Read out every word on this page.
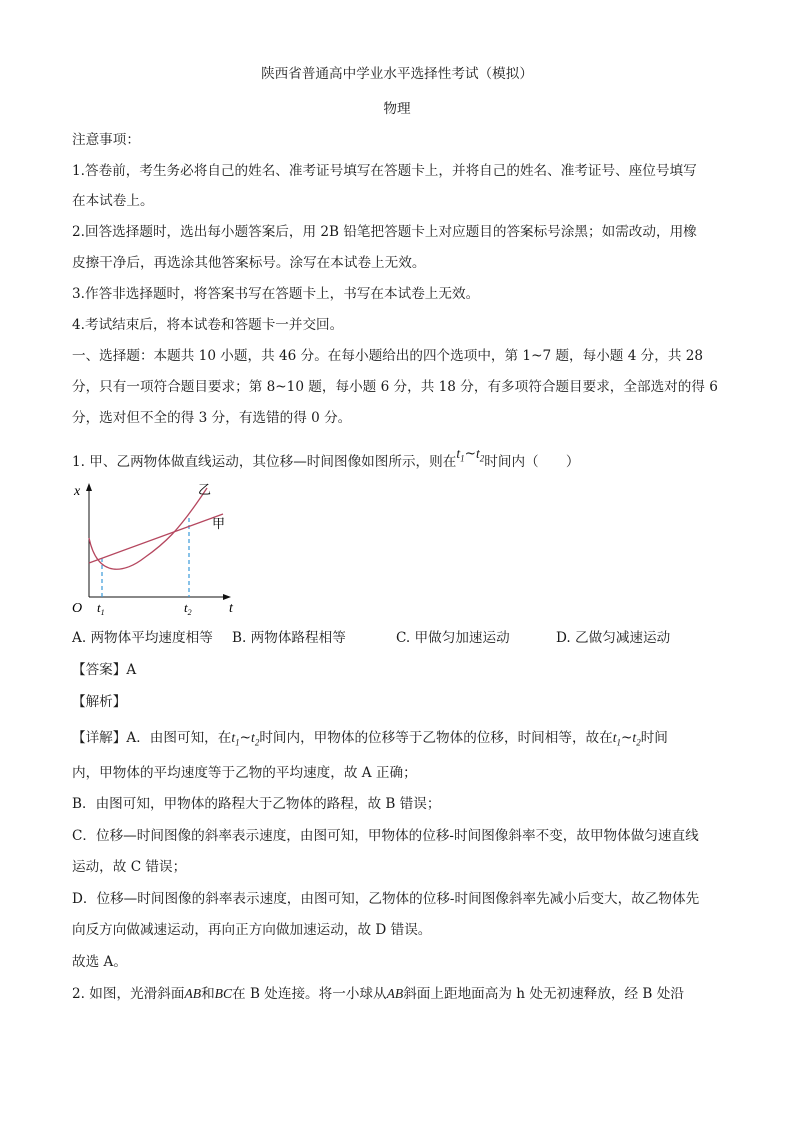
陕西省普通高中学业水平选择性考试（模拟）
物理
注意事项：
1.答卷前，考生务必将自己的姓名、准考证号填写在答题卡上，并将自己的姓名、准考证号、座位号填写
在本试卷上。
2.回答选择题时，选出每小题答案后，用 2B 铅笔把答题卡上对应题目的答案标号涂黑；如需改动，用橡
皮擦干净后，再选涂其他答案标号。涂写在本试卷上无效。
3.作答非选择题时，将答案书写在答题卡上，书写在本试卷上无效。
4.考试结束后，将本试卷和答题卡一并交回。
一、选择题：本题共 10 小题，共 46 分。在每小题给出的四个选项中，第 1~7 题，每小题 4 分，共 28
分，只有一项符合题目要求；第 8~10 题，每小题 6 分，共 18 分，有多项符合题目要求，全部选对的得 6
分，选对但不全的得 3 分，有选错的得 0 分。
1. 甲、乙两物体做直线运动，其位移—时间图像如图所示，则在$t_1\sim t_2$时间内（　　）
x
t
O
乙
甲
$t_1$	$t_2$
A. 两物体平均速度相等 B. 两物体路程相等	C. 甲做匀加速运动	D. 乙做匀减速运动
【答案】A
【解析】
【详解】A．由图可知，在$t_1\sim t_2$时间内，甲物体的位移等于乙物体的位移，时间相等，故在$t_1\sim t_2$时间
内，甲物体的平均速度等于乙物的平均速度，故 A 正确；
B．由图可知，甲物体的路程大于乙物体的路程，故 B 错误；
C．位移—时间图像的斜率表示速度，由图可知，甲物体的位移-时间图像斜率不变，故甲物体做匀速直线
运动，故 C 错误；
D．位移—时间图像的斜率表示速度，由图可知，乙物体的位移-时间图像斜率先减小后变大，故乙物体先
向反方向做减速运动，再向正方向做加速运动，故 D 错误。
故选 A。
2. 如图，光滑斜面AB和BC在 B 处连接。将一小球从AB斜面上距地面高为 h 处无初速释放，经 B 处沿
